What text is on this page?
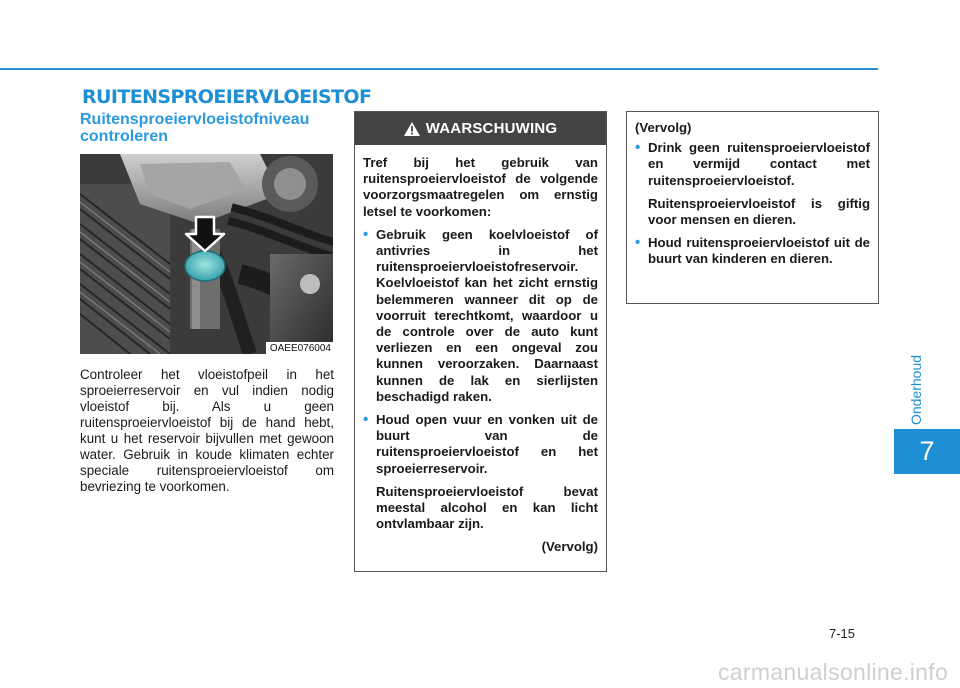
RUITENSPROEIERVLOEISTOF
Ruitensproeiervloeistofniveau
controleren
OAEE076004
Controleer het vloeistofpeil in het sproeierreservoir en vul indien nodig vloeistof bij. Als u geen ruitensproeiervloeistof bij de hand hebt, kunt u het reservoir bijvullen met gewoon water. Gebruik in koude klimaten echter speciale ruitensproeiervloeistof om bevriezing te voorkomen.
WAARSCHUWING

Tref bij het gebruik van ruitensproeiervloeistof de volgende voorzorgsmaatregelen om ernstig letsel te voorkomen:

• Gebruik geen koelvloeistof of antivries in het ruitensproeiervloeistofreservoir. Koelvloeistof kan het zicht ernstig belemmeren wanneer dit op de voorruit terechtkomt, waardoor u de controle over de auto kunt verliezen en een ongeval zou kunnen veroorzaken. Daarnaast kunnen de lak en sierlijsten beschadigd raken.
• Houd open vuur en vonken uit de buurt van de ruitensproeiervloeistof en het sproeierreservoir.
Ruitensproeiervloeistof bevat meestal alcohol en kan licht ontvlambaar zijn.
(Vervolg)
(Vervolg)
• Drink geen ruitensproeiervloeistof en vermijd contact met ruitensproeiervloeistof.
Ruitensproeiervloeistof is giftig voor mensen en dieren.
• Houd ruitensproeiervloeistof uit de buurt van kinderen en dieren.
Onderhoud
7
7-15
carmanualsonline.info
